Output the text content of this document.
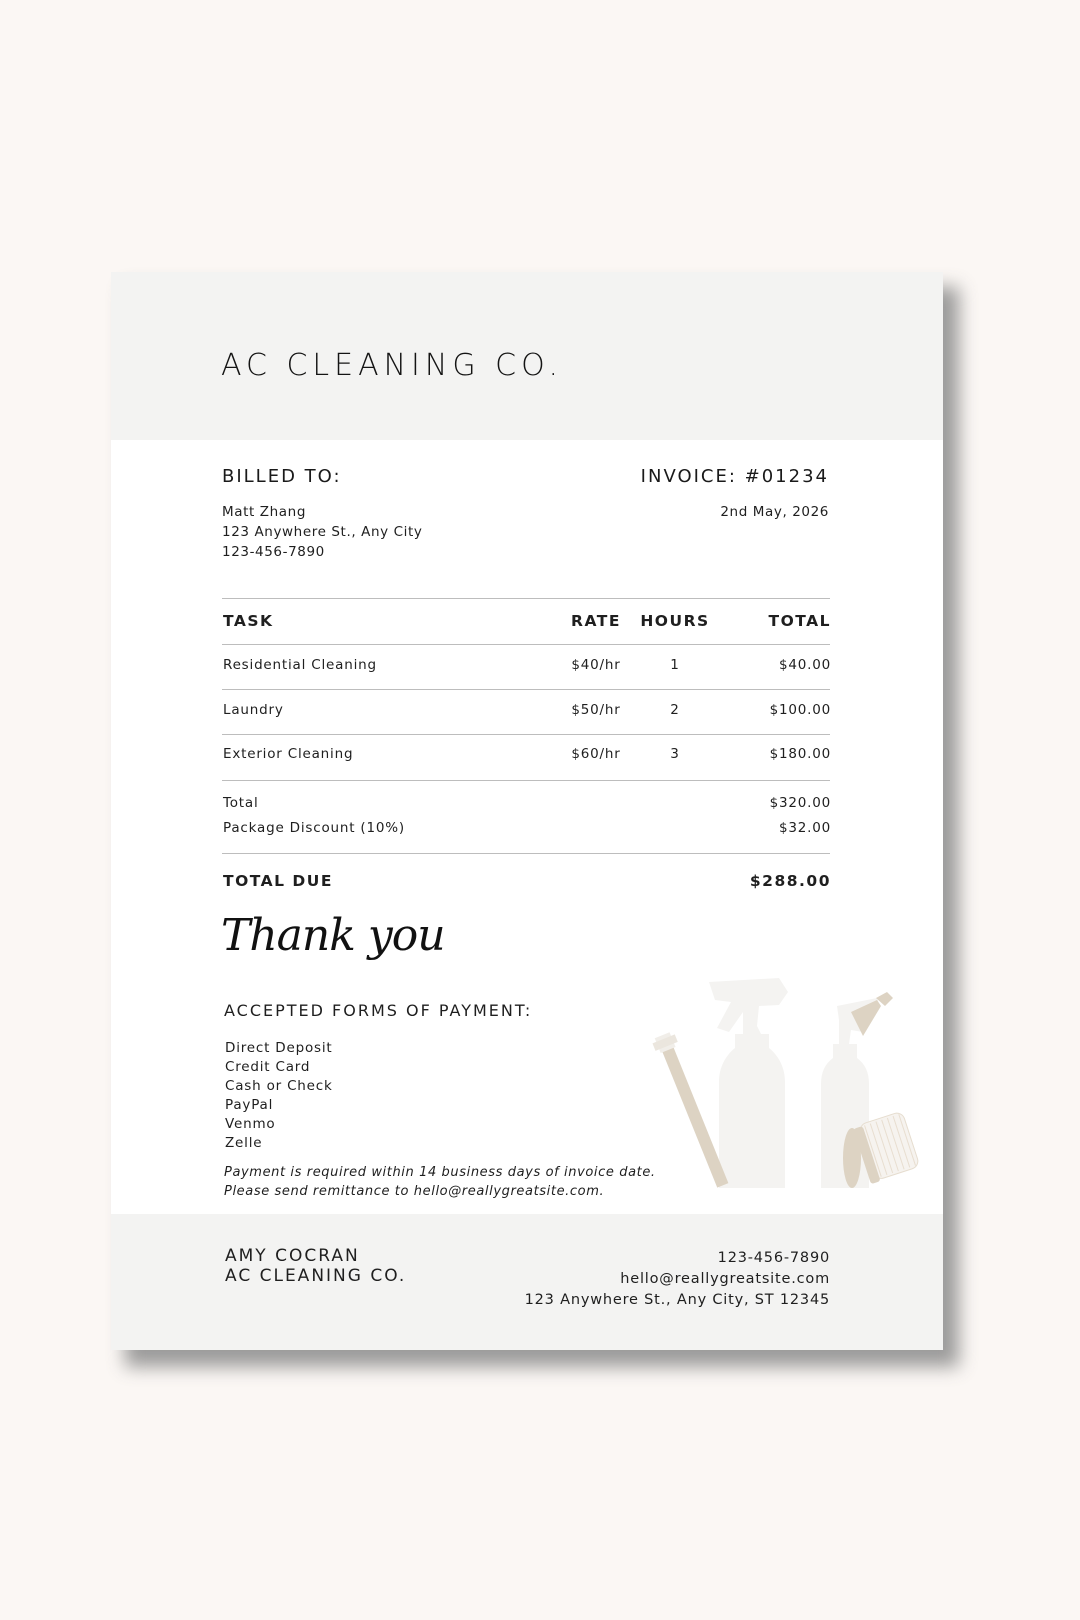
AC CLEANING CO.
BILLED TO:
Matt Zhang
123 Anywhere St., Any City
123-456-7890
INVOICE: #01234
2nd May, 2026
TASK	RATE	HOURS	TOTAL
Residential Cleaning	$40/hr	1	$40.00
Laundry	$50/hr	2	$100.00
Exterior Cleaning	$60/hr	3	$180.00
Total	$320.00
Package Discount (10%)	$32.00
TOTAL DUE	$288.00
Thank you
ACCEPTED FORMS OF PAYMENT:
Direct Deposit
Credit Card
Cash or Check
PayPal
Venmo
Zelle
Payment is required within 14 business days of invoice date.
Please send remittance to hello@reallygreatsite.com.
AMY COCRAN
AC CLEANING CO.
123-456-7890
hello@reallygreatsite.com
123 Anywhere St., Any City, ST 12345
